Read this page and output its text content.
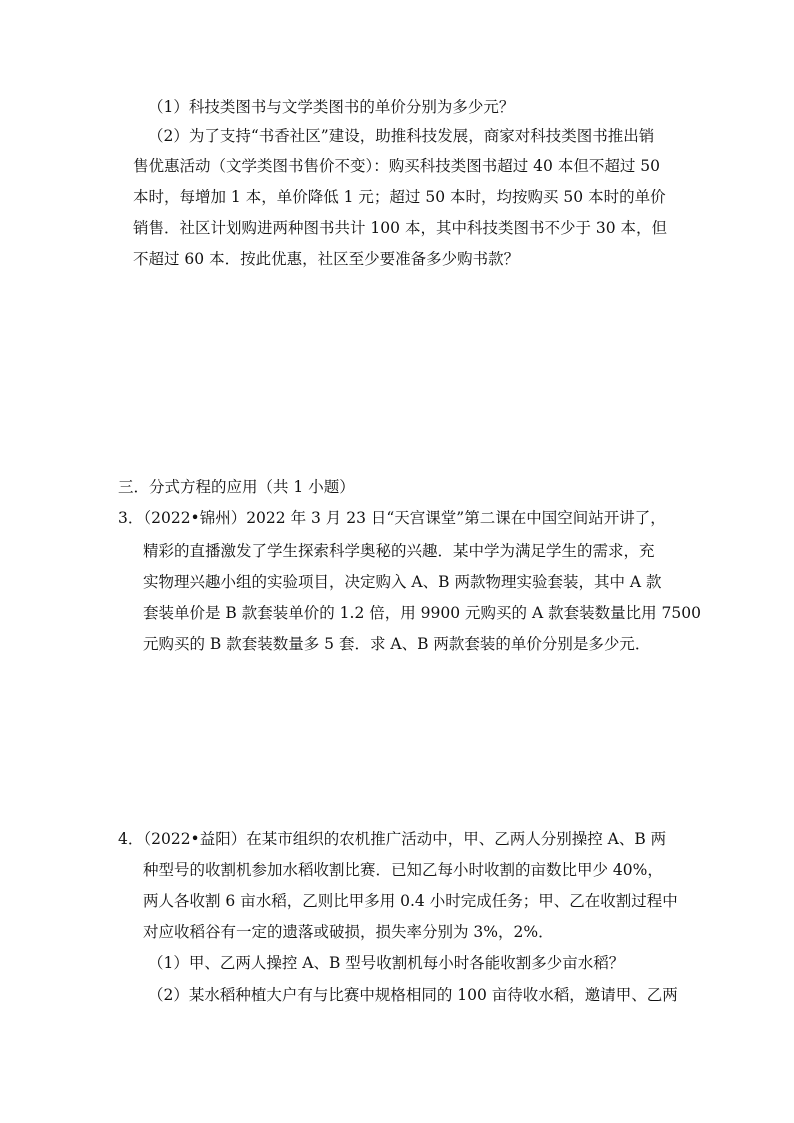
（1）科技类图书与文学类图书的单价分别为多少元？
（2）为了支持“书香社区”建设，助推科技发展，商家对科技类图书推出销
售优惠活动（文学类图书售价不变）：购买科技类图书超过 40 本但不超过 50
本时，每增加 1 本，单价降低 1 元；超过 50 本时，均按购买 50 本时的单价
销售．社区计划购进两种图书共计 100 本，其中科技类图书不少于 30 本，但
不超过 60 本．按此优惠，社区至少要准备多少购书款？
三．分式方程的应用（共 1 小题）
3．（2022•锦州）2022 年 3 月 23 日“天宫课堂”第二课在中国空间站开讲了，
精彩的直播激发了学生探索科学奥秘的兴趣．某中学为满足学生的需求，充
实物理兴趣小组的实验项目，决定购入 A、B 两款物理实验套装，其中 A 款
套装单价是 B 款套装单价的 1.2 倍，用 9900 元购买的 A 款套装数量比用 7500
元购买的 B 款套装数量多 5 套．求 A、B 两款套装的单价分别是多少元．
4．（2022•益阳）在某市组织的农机推广活动中，甲、乙两人分别操控 A、B 两
种型号的收割机参加水稻收割比赛．已知乙每小时收割的亩数比甲少 40%，
两人各收割 6 亩水稻，乙则比甲多用 0.4 小时完成任务；甲、乙在收割过程中
对应收稻谷有一定的遗落或破损，损失率分别为 3%，2%．
（1）甲、乙两人操控 A、B 型号收割机每小时各能收割多少亩水稻？
（2）某水稻种植大户有与比赛中规格相同的 100 亩待收水稻，邀请甲、乙两
